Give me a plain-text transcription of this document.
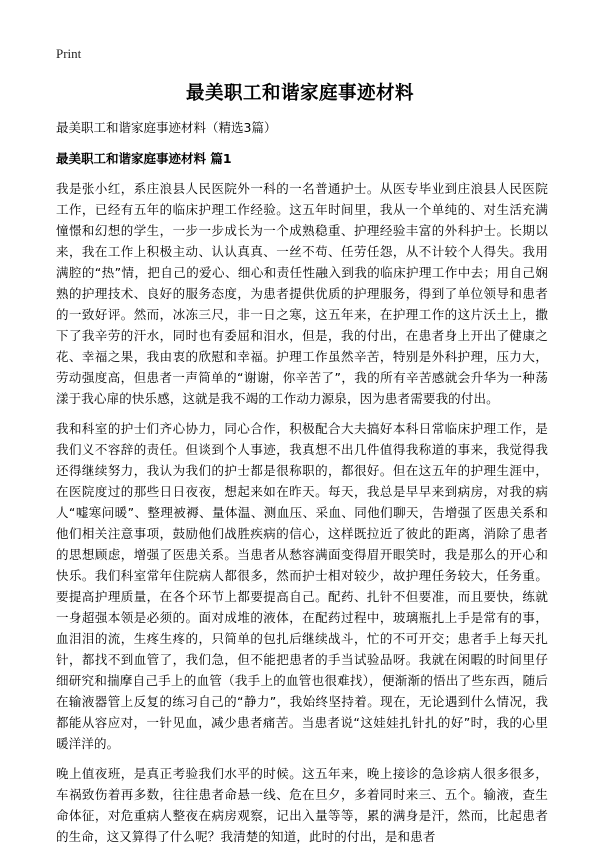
Print
最美职工和谐家庭事迹材料
最美职工和谐家庭事迹材料（精选3篇）
最美职工和谐家庭事迹材料 篇1

我是张小红，系庄浪县人民医院外一科的一名普通护士。从医专毕业到庄浪县人民医院工作，已经有五年的临床护理工作经验。这五年时间里，我从一个单纯的、对生活充满憧憬和幻想的学生，一步一步成长为一个成熟稳重、护理经验丰富的外科护士。长期以来，我在工作上积极主动、认认真真、一丝不苟、任劳任怨，从不计较个人得失。我用满腔的“热”情，把自己的爱心、细心和责任性融入到我的临床护理工作中去；用自己娴熟的护理技术、良好的服务态度，为患者提供优质的护理服务，得到了单位领导和患者的一致好评。然而，冰冻三尺，非一日之寒，这五年来，在护理工作的这片沃土上，撒下了我辛劳的汗水，同时也有委屈和泪水，但是，我的付出，在患者身上开出了健康之花、幸福之果，我由衷的欣慰和幸福。护理工作虽然辛苦，特别是外科护理，压力大，劳动强度高，但患者一声简单的“谢谢，你辛苦了”，我的所有辛苦感就会升华为一种荡漾于我心扉的快乐感，这就是我不竭的工作动力源泉，因为患者需要我的付出。

我和科室的护士们齐心协力，同心合作，积极配合大夫搞好本科日常临床护理工作，是我们义不容辞的责任。但谈到个人事迹，我真想不出几件值得我称道的事来，我觉得我还得继续努力，我认为我们的护士都是很称职的，都很好。但在这五年的护理生涯中，在医院度过的那些日日夜夜，想起来如在昨天。每天，我总是早早来到病房，对我的病人“嘘寒问暖”、整理被褥、量体温、测血压、采血、同他们聊天，告增强了医患关系和他们相关注意事项，鼓励他们战胜疾病的信心，这样既拉近了彼此的距离，消除了患者的思想顾虑，增强了医患关系。当患者从愁容满面变得眉开眼笑时，我是那么的开心和快乐。我们科室常年住院病人都很多，然而护士相对较少，故护理任务较大，任务重。要提高护理质量，在各个环节上都要提高自己。配药、扎针不但要准，而且要快，练就一身超强本领是必须的。面对成堆的液体，在配药过程中，玻璃瓶扎上手是常有的事，血泪泪的流，生疼生疼的，只简单的包扎后继续战斗，忙的不可开交；患者手上每天扎针，都找不到血管了，我们急，但不能把患者的手当试验品呀。我就在闲暇的时间里仔细研究和揣摩自己手上的血管（我手上的血管也很难找），便渐渐的悟出了些东西，随后在输液器管上反复的练习自己的“静力”，我始终坚持着。现在，无论遇到什么情况，我都能从容应对，一针见血，减少患者痛苦。当患者说“这娃娃扎针扎的好”时，我的心里暖洋洋的。

晚上值夜班，是真正考验我们水平的时候。这五年来，晚上接诊的急诊病人很多很多，车祸致伤着再多数，往往患者命悬一线、危在旦夕，多着同时来三、五个。输液，查生命体征，对危重病人整夜在病房观察，记出入量等等，累的满身是汗，然而，比起患者的生命，这又算得了什么呢？我清楚的知道，此时的付出，是和患者
